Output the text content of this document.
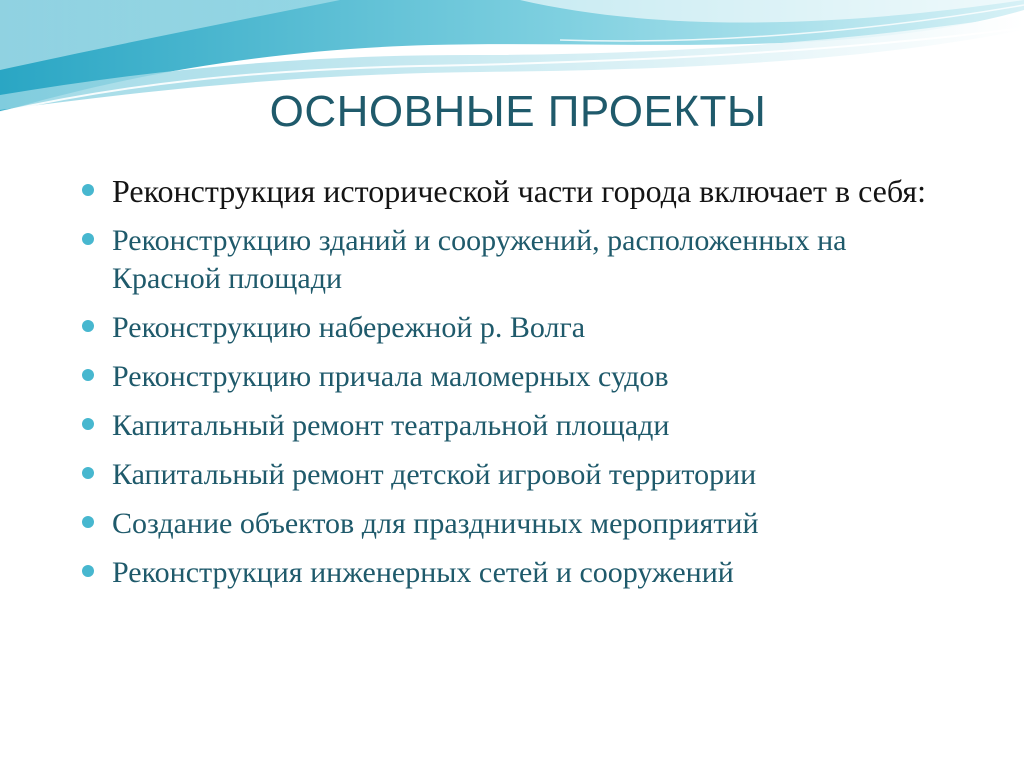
ОСНОВНЫЕ ПРОЕКТЫ
Реконструкция исторической части города включает в себя:
Реконструкцию зданий и сооружений, расположенных на Красной площади
Реконструкцию набережной р. Волга
Реконструкцию причала маломерных судов
Капитальный ремонт театральной площади
Капитальный ремонт детской игровой территории
Создание объектов для праздничных мероприятий
Реконструкция инженерных сетей и сооружений
